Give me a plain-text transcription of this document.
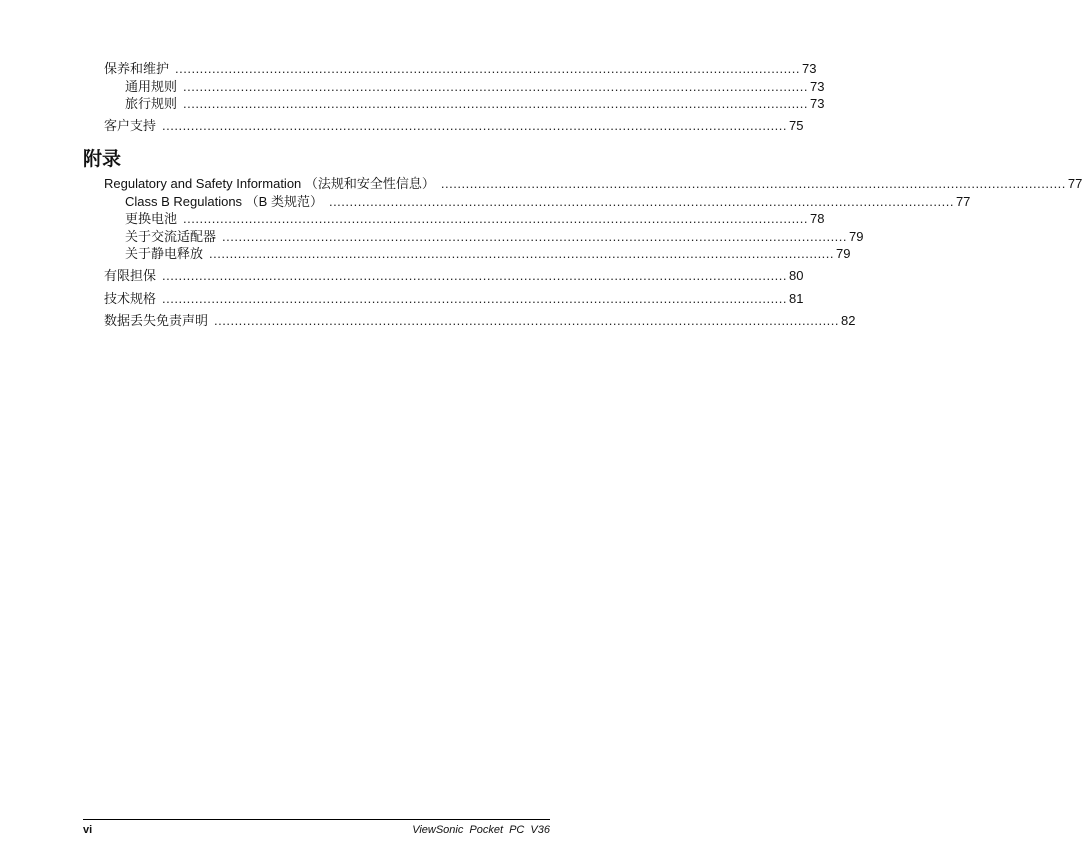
保养和维护 ........................................................................................................................................................ 73
通用规则 ........................................................................................................................................................ 73
旅行规则 ........................................................................................................................................................ 73
客户支持 ........................................................................................................................................................ 75
附录
Regulatory and Safety Information （法规和安全性信息） ........................................................................................................................................................ 77
Class B Regulations （B 类规范） ........................................................................................................................................................ 77
更换电池 ........................................................................................................................................................ 78
关于交流适配器 ........................................................................................................................................................ 79
关于静电释放 ........................................................................................................................................................ 79
有限担保 ........................................................................................................................................................ 80
技术规格 ........................................................................................................................................................ 81
数据丢失免责声明 ........................................................................................................................................................ 82
vi	ViewSonic Pocket PC V36
